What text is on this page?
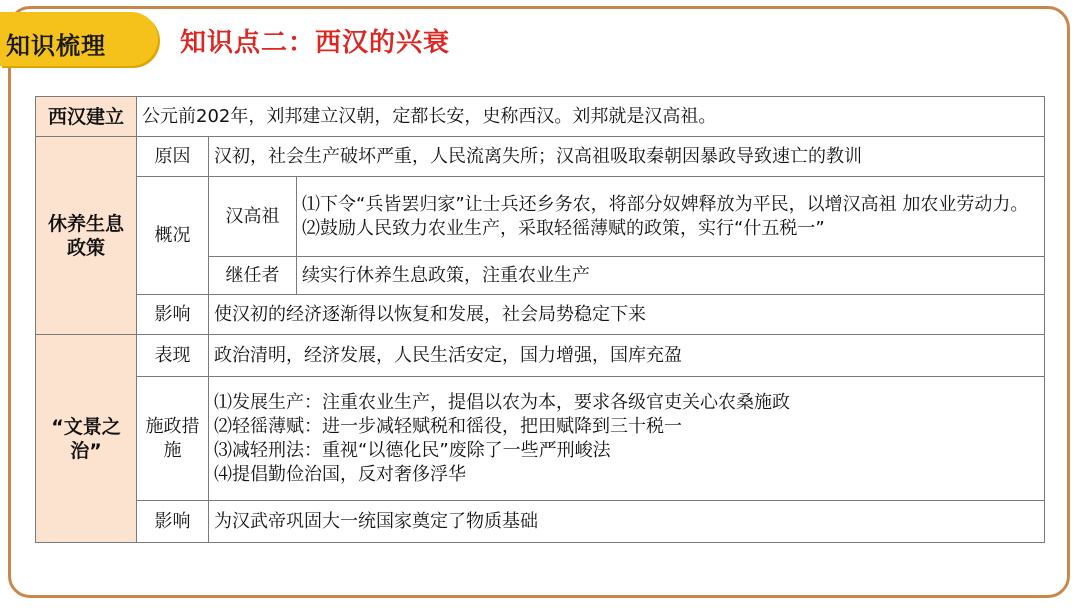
知识梳理	知识点二：西汉的兴衰
西汉建立	公元前202年，刘邦建立汉朝，定都长安，史称西汉。刘邦就是汉高祖。		
休养生息政策	原因	汉初，社会生产破坏严重，人民流离失所；汉高祖吸取秦朝因暴政导致速亡的教训	
	概况	汉高祖	⑴下令“兵皆罢归家”让士兵还乡务农，将部分奴婢释放为平民，以增汉高祖 加农业劳动力。⑵鼓励人民致力农业生产，采取轻徭薄赋的政策，实行“什五税一”
		继任者	续实行休养生息政策，注重农业生产
	影响	使汉初的经济逐渐得以恢复和发展，社会局势稳定下来	
“文景之治”	表现	政治清明，经济发展，人民生活安定，国力增强，国库充盈	
	施政措施	⑴发展生产：注重农业生产，提倡以农为本，要求各级官吏关心农桑施政
⑵轻徭薄赋：进一步减轻赋税和徭役，把田赋降到三十税一
⑶减轻刑法：重视“以德化民”废除了一些严刑峻法
⑷提倡勤俭治国，反对奢侈浮华	

	影响	为汉武帝巩固大一统国家奠定了物质基础	
